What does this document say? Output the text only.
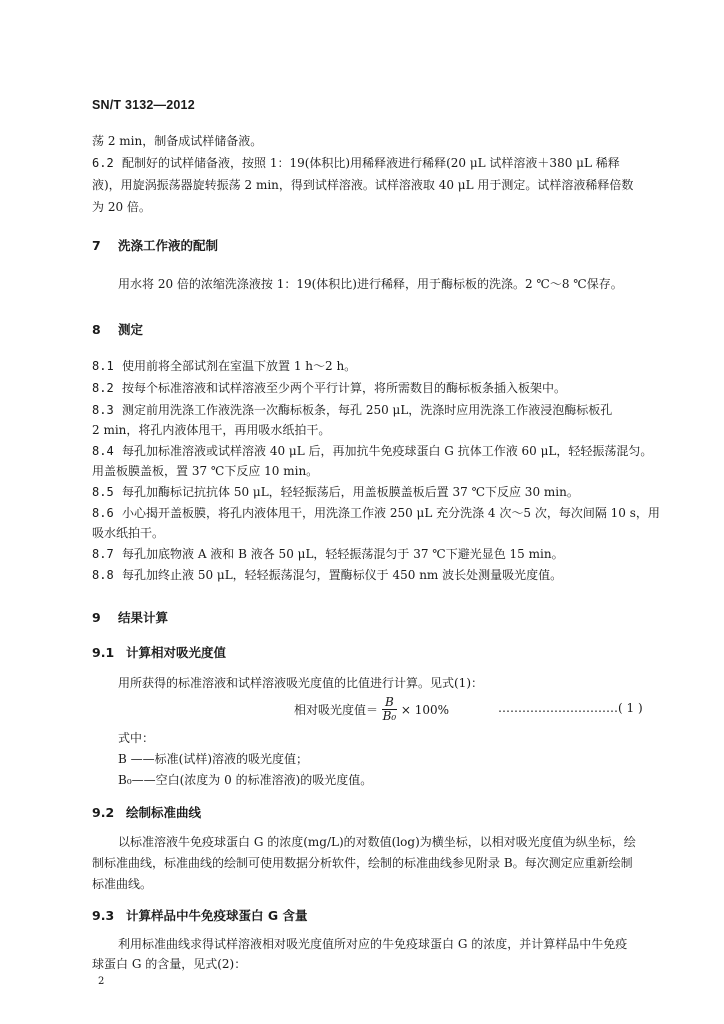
SN/T 3132—2012
荡 2 min，制备成试样储备液。
6.2 配制好的试样储备液，按照 1：19(体积比)用稀释液进行稀释(20 μL 试样溶液＋380 μL 稀释
液)，用旋涡振荡器旋转振荡 2 min，得到试样溶液。试样溶液取 40 μL 用于测定。试样溶液稀释倍数
为 20 倍。
7 洗涤工作液的配制
用水将 20 倍的浓缩洗涤液按 1：19(体积比)进行稀释，用于酶标板的洗涤。2 ℃～8 ℃保存。
8 测定
8.1 使用前将全部试剂在室温下放置 1 h～2 h。
8.2 按每个标准溶液和试样溶液至少两个平行计算，将所需数目的酶标板条插入板架中。
8.3 测定前用洗涤工作液洗涤一次酶标板条，每孔 250 μL，洗涤时应用洗涤工作液浸泡酶标板孔
2 min，将孔内液体甩干，再用吸水纸拍干。
8.4 每孔加标准溶液或试样溶液 40 μL 后，再加抗牛免疫球蛋白 G 抗体工作液 60 μL，轻轻振荡混匀。
用盖板膜盖板，置 37 ℃下反应 10 min。
8.5 每孔加酶标记抗抗体 50 μL，轻轻振荡后，用盖板膜盖板后置 37 ℃下反应 30 min。
8.6 小心揭开盖板膜，将孔内液体甩干，用洗涤工作液 250 μL 充分洗涤 4 次～5 次，每次间隔 10 s，用
吸水纸拍干。
8.7 每孔加底物液 A 液和 B 液各 50 μL，轻轻振荡混匀于 37 ℃下避光显色 15 min。
8.8 每孔加终止液 50 μL，轻轻振荡混匀，置酶标仪于 450 nm 波长处测量吸光度值。
9 结果计算
9.1 计算相对吸光度值
用所获得的标准溶液和试样溶液吸光度值的比值进行计算。见式(1)：
相对吸光度值＝ $\frac{B}{\text{B₀}} \times 100\%$	…………………………( 1 )
式中：
B ——标准(试样)溶液的吸光度值；
B₀——空白(浓度为 0 的标准溶液)的吸光度值。
9.2 绘制标准曲线
以标准溶液牛免疫球蛋白 G 的浓度(mg/L)的对数值(log)为横坐标，以相对吸光度值为纵坐标，绘
制标准曲线，标准曲线的绘制可使用数据分析软件，绘制的标准曲线参见附录 B。每次测定应重新绘制
标准曲线。
9.3 计算样品中牛免疫球蛋白 G 含量
利用标准曲线求得试样溶液相对吸光度值所对应的牛免疫球蛋白 G 的浓度，并计算样品中牛免疫
球蛋白 G 的含量，见式(2)：
2
